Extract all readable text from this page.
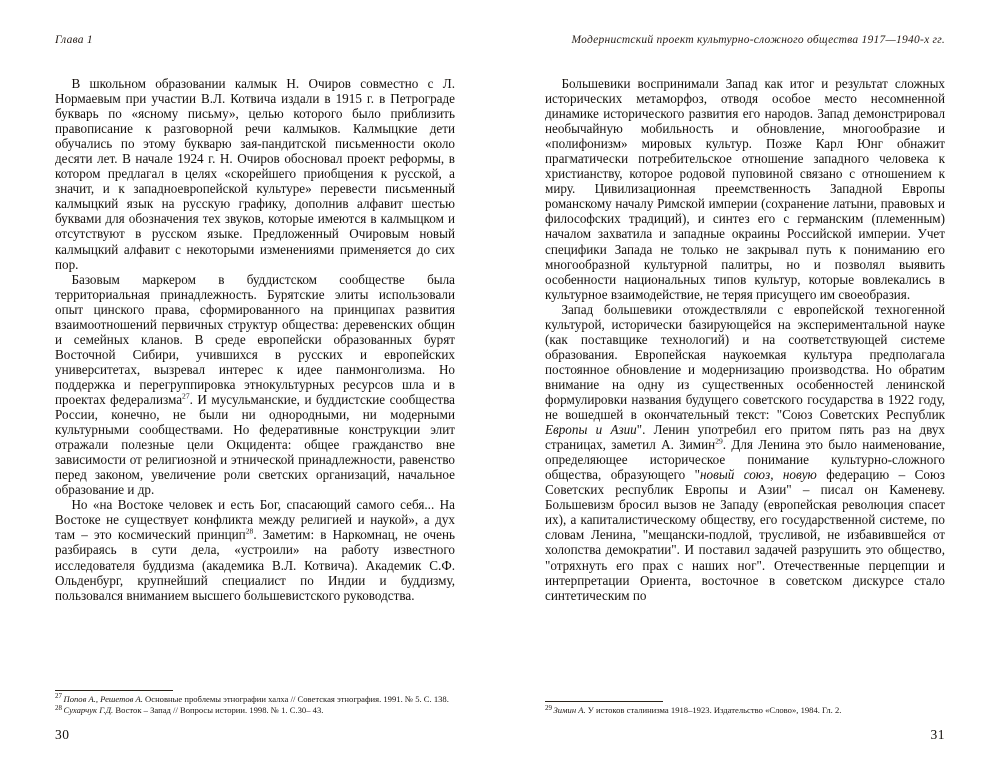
Глава 1

В школьном образовании калмык Н. Очиров совместно с Л. Нормаевым при участии В.Л. Котвича издали в 1915 г. в Петрограде букварь по «ясному письму», целью которого было приблизить правописание к разговорной речи калмыков. Калмыцкие дети обучались по этому букварю зая-пандитской письменности около десяти лет. В начале 1924 г. Н. Очиров обосновал проект реформы, в котором предлагал в целях «скорейшего приобщения к русской, а значит, и к западноевропейской культуре» перевести письменный калмыцкий язык на русскую графику, дополнив алфавит шестью буквами для обозначения тех звуков, которые имеются в калмыцком и отсутствуют в русском языке. Предложенный Очировым новый калмыцкий алфавит с некоторыми изменениями применяется до сих пор.

Базовым маркером в буддистском сообществе была территориальная принадлежность. Бурятские элиты использовали опыт цинского права, сформированного на принципах развития взаимоотношений первичных структур общества: деревенских общин и семейных кланов. В среде европейски образованных бурят Восточной Сибири, учившихся в русских и европейских университетах, вызревал интерес к идее панмонголизма. Но поддержка и перегруппировка этнокультурных ресурсов шла и в проектах федерализма$^{27}$. И мусульманские, и буддистские сообщества России, конечно, не были ни однородными, ни модерными культурными сообществами. Но федеративные конструкции элит отражали полезные цели Окцидента: общее гражданство вне зависимости от религиозной и этнической принадлежности, равенство перед законом, увеличение роли светских организаций, начальное образование и др.

Но «на Востоке человек и есть Бог, спасающий самого себя... На Востоке не существует конфликта между религией и наукой», а дух там – это космический принцип$^{28}$. Заметим: в Наркомнац, не очень разбираясь в сути дела, «устроили» на работу известного исследователя буддизма (академика В.Л. Котвича). Академик С.Ф. Ольденбург, крупнейший специалист по Индии и буддизму, пользовался вниманием высшего большевистского руководства.

$^{27}$ Попов А., Решетов А. Основные проблемы этнографии халха // Советская этнография. 1991. № 5. С. 138.

$^{28}$ Сухарчук Г.Д. Восток – Запад // Вопросы истории. 1998. № 1. С.30– 43.

30
Модернистский проект культурно-сложного общества 1917—1940-х гг.

Большевики воспринимали Запад как итог и результат сложных исторических метаморфоз, отводя особое место несомненной динамике исторического развития его народов. Запад демонстрировал необычайную мобильность и обновление, многообразие и «полифонизм» мировых культур. Позже Карл Юнг обнажит прагматически потребительское отношение западного человека к христианству, которое родовой пуповиной связано с отношением к миру. Цивилизационная преемственность Западной Европы романскому началу Римской империи (сохранение латыни, правовых и философских традиций), и синтез его с германским (племенным) началом захватила и западные окраины Российской империи. Учет специфики Запада не только не закрывал путь к пониманию его многообразной культурной палитры, но и позволял выявить особенности национальных типов культур, которые вовлекались в культурное взаимодействие, не теряя присущего им своеобразия.

Запад большевики отождествляли с европейской техногенной культурой, исторически базирующейся на экспериментальной науке (как поставщике технологий) и на соответствующей системе образования. Европейская наукоемкая культура предполагала постоянное обновление и модернизацию производства. Но обратим внимание на одну из существенных особенностей ленинской формулировки названия будущего советского государства в 1922 году, не вошедшей в окончательный текст: "Союз Советских Республик Европы и Азии". Ленин употребил его притом пять раз на двух страницах, заметил А. Зимин$^{29}$. Для Ленина это было наименование, определяющее историческое понимание культурно-сложного общества, образующего "новый союз, новую федерацию – Союз Советских республик Европы и Азии" – писал он Каменеву. Большевизм бросил вызов не Западу (европейская революция спасет их), а капиталистическому обществу, его государственной системе, по словам Ленина, "мещански-подлой, трусливой, не избавившейся от холопства демократии". И поставил задачей разрушить это общество, "отряхнуть его прах с наших ног". Отечественные перцепции и интерпретации Ориента, восточное в советском дискурсе стало синтетическим по

$^{29}$ Зимин А. У истоков сталинизма 1918–1923. Издательство «Слово», 1984. Гл. 2.

31
